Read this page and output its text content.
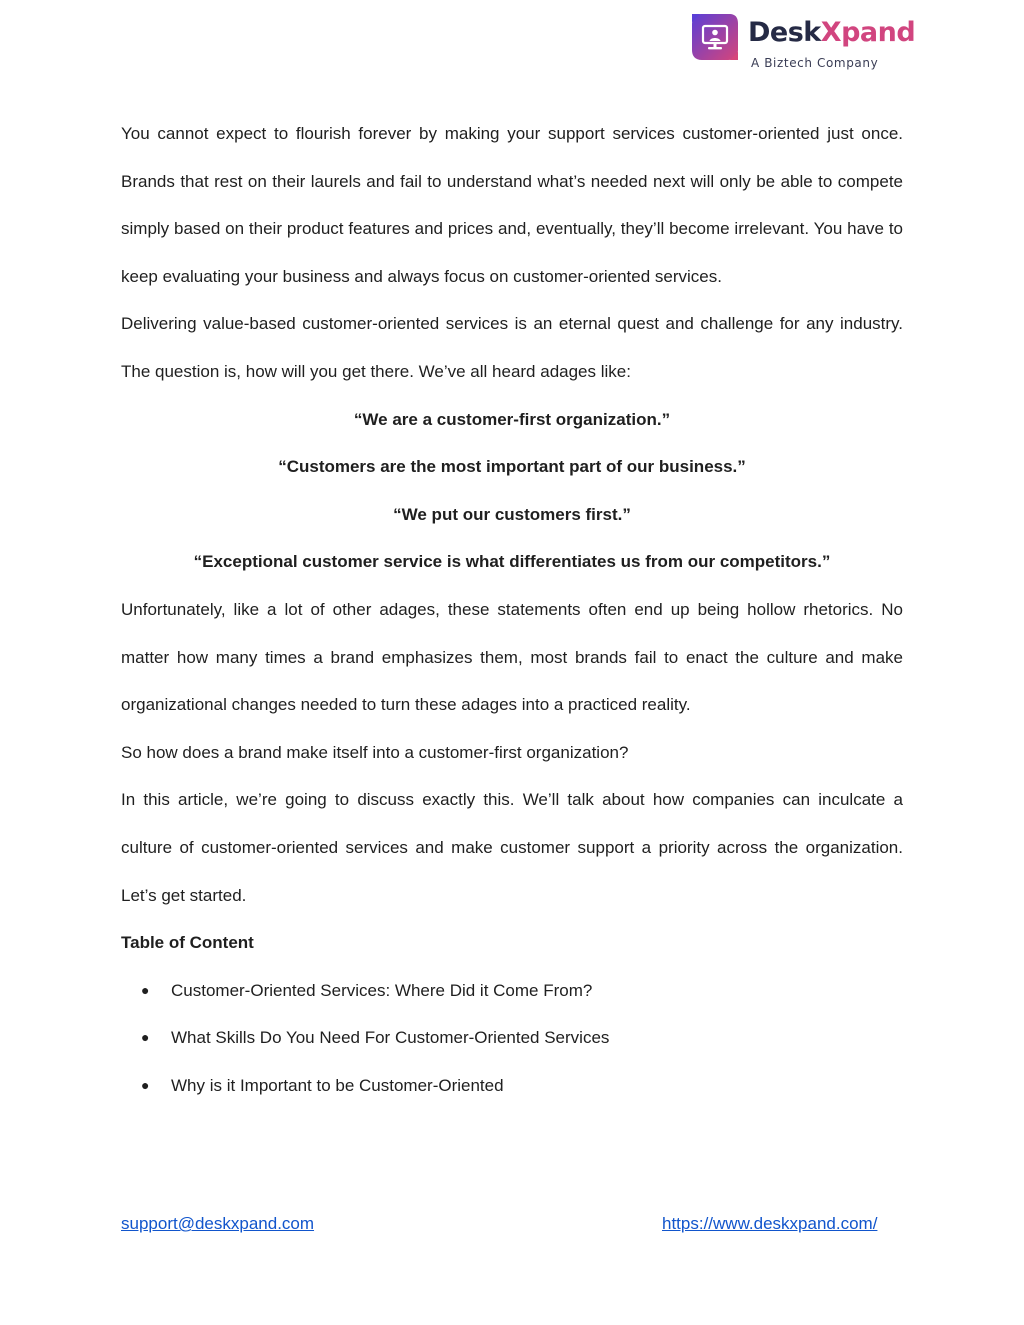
DeskXpand
A Biztech Company

You cannot expect to flourish forever by making your support services customer-oriented just once. Brands that rest on their laurels and fail to understand what’s needed next will only be able to compete simply based on their product features and prices and, eventually, they’ll become irrelevant. You have to keep evaluating your business and always focus on customer-oriented services.

Delivering value-based customer-oriented services is an eternal quest and challenge for any industry. The question is, how will you get there. We’ve all heard adages like:

“We are a customer-first organization.”

“Customers are the most important part of our business.”

“We put our customers first.”

“Exceptional customer service is what differentiates us from our competitors.”

Unfortunately, like a lot of other adages, these statements often end up being hollow rhetorics. No matter how many times a brand emphasizes them, most brands fail to enact the culture and make organizational changes needed to turn these adages into a practiced reality.

So how does a brand make itself into a customer-first organization?

In this article, we’re going to discuss exactly this. We’ll talk about how companies can inculcate a culture of customer-oriented services and make customer support a priority across the organization. Let’s get started.

Table of Content

● Customer-Oriented Services: Where Did it Come From?
● What Skills Do You Need For Customer-Oriented Services
● Why is it Important to be Customer-Oriented
support@deskxpand.com	https://www.deskxpand.com/
